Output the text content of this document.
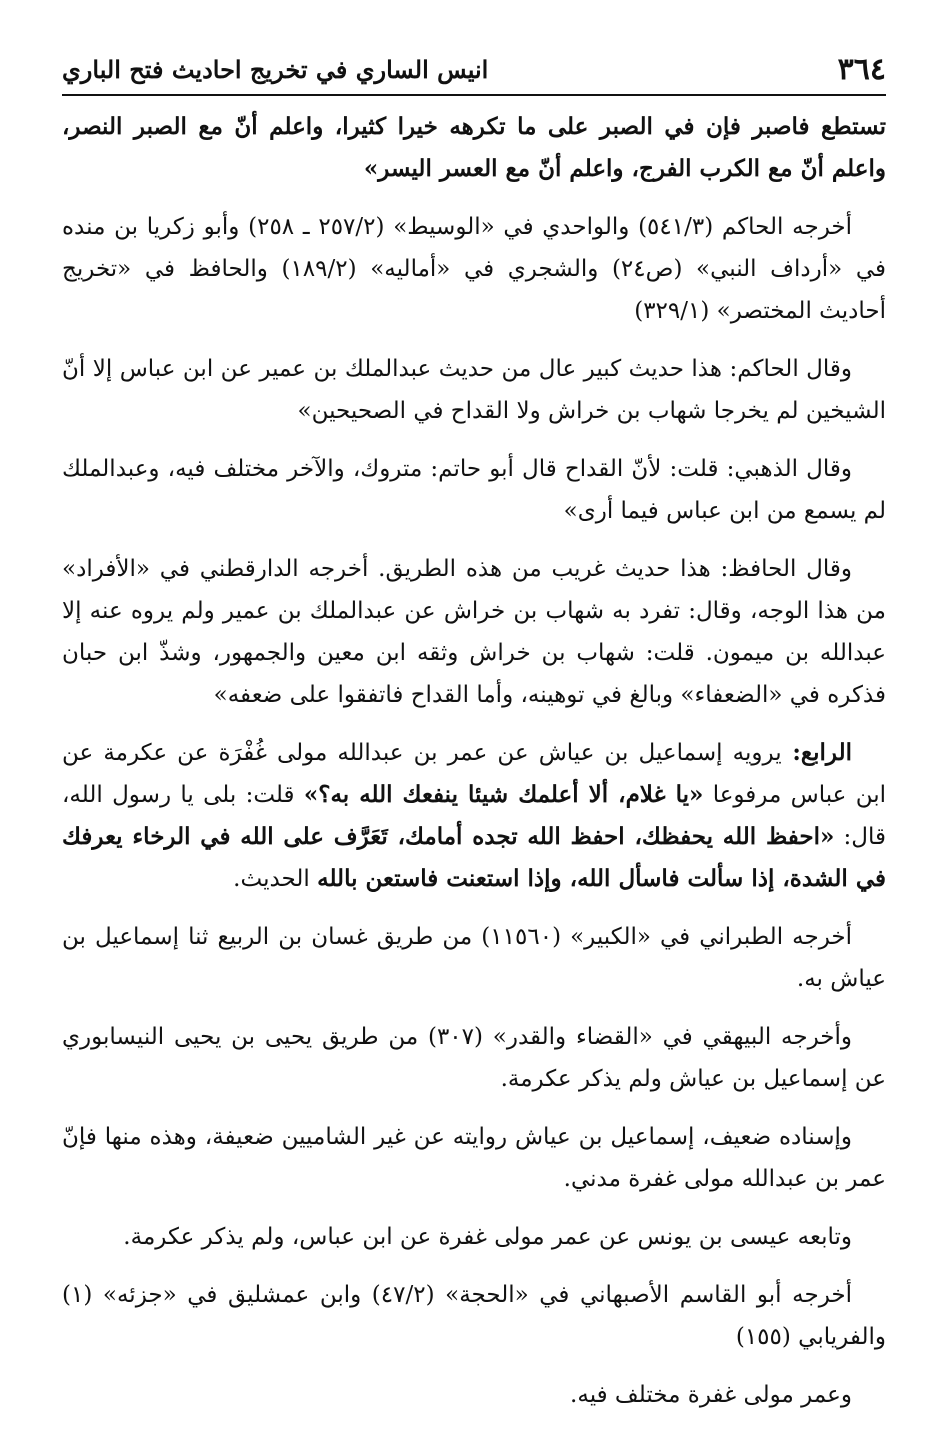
٣٦٤
انيس الساري في تخريج احاديث فتح الباري

تستطع فاصبر فإن في الصبر على ما تكرهه خيرا كثيرا، واعلم أنّ مع الصبر النصر، واعلم أنّ مع الكرب الفرج، واعلم أنّ مع العسر اليسر»

أخرجه الحاكم (٥٤١/٣) والواحدي في «الوسيط» (٢٥٧/٢ ـ ٢٥٨) وأبو زكريا بن منده في «أرداف النبي» (ص٢٤) والشجري في «أماليه» (١٨٩/٢) والحافظ في «تخريج أحاديث المختصر» (٣٢٩/١)

وقال الحاكم: هذا حديث كبير عال من حديث عبدالملك بن عمير عن ابن عباس إلا أنّ الشيخين لم يخرجا شهاب بن خراش ولا القداح في الصحيحين»

وقال الذهبي: قلت: لأنّ القداح قال أبو حاتم: متروك، والآخر مختلف فيه، وعبدالملك لم يسمع من ابن عباس فيما أرى»

وقال الحافظ: هذا حديث غريب من هذه الطريق. أخرجه الدارقطني في «الأفراد» من هذا الوجه، وقال: تفرد به شهاب بن خراش عن عبدالملك بن عمير ولم يروه عنه إلا عبدالله بن ميمون. قلت: شهاب بن خراش وثقه ابن معين والجمهور، وشذّ ابن حبان فذكره في «الضعفاء» وبالغ في توهينه، وأما القداح فاتفقوا على ضعفه»

الرابع: يرويه إسماعيل بن عياش عن عمر بن عبدالله مولى غُفْرَة عن عكرمة عن ابن عباس مرفوعا «يا غلام، ألا أعلمك شيئا ينفعك الله به؟» قلت: بلى يا رسول الله، قال: «احفظ الله يحفظك، احفظ الله تجده أمامك، تَعَرَّف على الله في الرخاء يعرفك في الشدة، إذا سألت فاسأل الله، وإذا استعنت فاستعن بالله الحديث.

أخرجه الطبراني في «الكبير» (١١٥٦٠) من طريق غسان بن الربيع ثنا إسماعيل بن عياش به.

وأخرجه البيهقي في «القضاء والقدر» (٣٠٧) من طريق يحيى بن يحيى النيسابوري عن إسماعيل بن عياش ولم يذكر عكرمة.

وإسناده ضعيف، إسماعيل بن عياش روايته عن غير الشاميين ضعيفة، وهذه منها فإنّ عمر بن عبدالله مولى غفرة مدني.

وتابعه عيسى بن يونس عن عمر مولى غفرة عن ابن عباس، ولم يذكر عكرمة.

أخرجه أبو القاسم الأصبهاني في «الحجة» (٤٧/٢) وابن عمشليق في «جزئه» (١) والفريابي (١٥٥)

وعمر مولى غفرة مختلف فيه.
